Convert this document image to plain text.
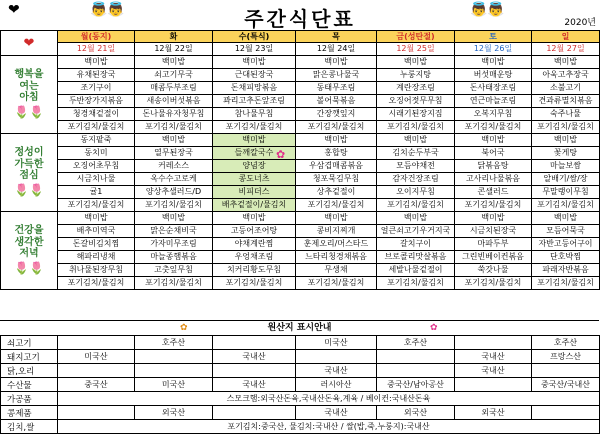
❤	👼👼	주간식단표	👼👼
2020년
❤	월(동지)	화	수(특식)	목	금(성탄절)	토	일
	12월 21일	12월 22일	12월 23일	12월 24일	12월 25일	12월 26일	12월 27일

행복을
여는
아침
🌷🌷	백미밥	백미밥	백미밥	백미밥	백미밥	백미밥	백미밥
	유채된장국	쇠고기무국	근대된장국	맑은콩나물국	누룽지탕	버섯매운탕	아욱고추장국
	조기구이	매콤두부조림	돈채피망볶음	동태무조림	계란장조림	돈사태장조림	소불고기
	두반장가지볶음	새송이버섯볶음	꽈리고추돈앞조림	볼어묵볶음	오징어젓무무침	연근마늘조림	견과류멸치볶음
	청경채겉절이	돈나물유자청무침	참나물무침	간장깻잎지	시래기된장지짐	오복지무침	숙주나물
	포기김치/물김치	포기김치/물김치	포기김치/물김치	포기김치/물김치	포기김치/물김치	포기김치/물김치	포기김치/물김치

정성이
가득한
점심
🌷🌷	동지팥죽	백미밥	백미밥	백미밥	백미밥	백미밥	백미밥
	동치미	열무된장국	들깨칼국수	홍합탕	김치순두부국	북어국	꽃게탕
	오징어초무침	커레소스	양념장	우삼겹매콤볶음	모듬야채전	닭볶음탕	마늘보쌈
	시금치나물	옥수수고로케	콩도너츠	청포묵김무침	감자건장조림	고사리나물볶음	알배기/쌈/장
	귤1	양상추샐러드/D	비피더스	상추겉절이	오이지무침	콘샐러드	무말랭이무침
	포기김치/물김치	포기김치/물김치	배추겉절이/물김치	포기김치/물김치	포기김치/물김치	포기김치/물김치	포기김치/물김치

건강을
생각한
저녁
🌷🌷	백미밥	백미밥	백미밥	백미밥	백미밥	백미밥	백미밥
	배추미역국	맑은순채비국	고등어조어탕	콩비지찌개	얼큰쇠고기우거지국	시금치된장국	모듬어묵국
	돈갈비김치찜	가자미무조림	야채계란찜	훈제오리/머스타드	갈치구이	마파두부	자반고등어구이
	해파리냉채	마늘종햄볶음	우엉채조림	느타리청경채볶음	브로콜리맛살볶음	그린빈베이컨볶음	단호박찜
	취나물된장무침	고춧잎무침	치커리황도무침	무생채	세발나물겉절이	쑥갓나물	파래자반볶음
	포기김치/물김치	포기김치/물김치	포기김치/물김치	포기김치/물김치	포기김치/물김치	포기김치/물김치	포기김치/물김치
✿
✿	원산지 표시안내	✿
쇠고기		호주산		미국산	호주산		호주산
돼지고기	미국산		국내산			국내산	프랑스산
닭,오리				국내산		국내산	
수산물	중국산	미국산	국내산	러시아산	중국산/남아공산		중국산/국내산
가공품	스모크햄:외국산돈육,국내산돈육,계육 / 베이컨:국내산돈육						
콩제품		외국산		국내산	외국산	외국산	
김치,쌀	포기김치:중국산, 물김치:국내산 / 쌀(밥,죽,누룽지):국내산						
